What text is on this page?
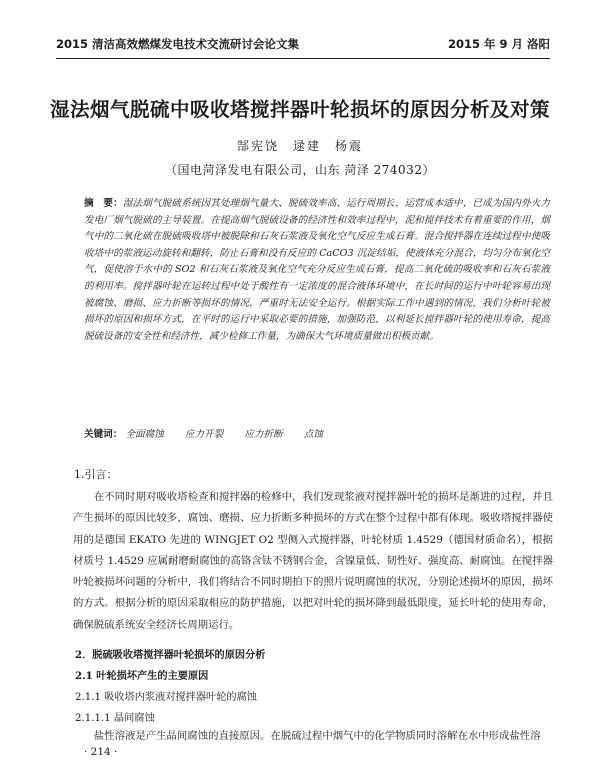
2015 清洁高效燃煤发电技术交流研讨会论文集	2015 年 9 月 洛阳
湿法烟气脱硫中吸收塔搅拌器叶轮损坏的原因分析及对策
郜宪饶　逯建　杨震
（国电菏泽发电有限公司，山东 菏泽 274032）
摘　要：湿法烟气脱硫系统因其处理烟气量大、脱硫效率高、运行周期长、运营成本适中，已成为国内外火力发电厂烟气脱硫的主导装置。在提高烟气脱硫设备的经济性和效率过程中，泥和搅拌技术有着重要的作用，烟气中的二氧化硫在脱硫吸收塔中被脱除和石灰石浆液及氧化空气反应生成石膏。混合搅拌器在连续过程中使吸收塔中的浆液运动旋转和翻转，防止石膏和没有反应的 CaCO3 沉淀结垢，使液体充分混合，均匀分布氧化空气，促使溶于水中的 SO2 和石灰石浆液及氧化空气充分反应生成石膏，提高二氧化硫的吸收率和石灰石浆液的利用率。搅拌器叶轮在运转过程中处于酸性有一定浓度的混合液体环境中，在长时间的运行中叶轮容易出现被腐蚀、磨损、应力折断等损坏的情况，严重时无法安全运行。根据实际工作中遇到的情况，我们分析叶轮被损坏的原因和损坏方式，在平时的运行中采取必要的措施，加强防范，以利延长搅拌器叶轮的使用寿命，提高脱硫设备的安全性和经济性，减少检修工作量，为确保大气环境质量做出积极贡献。
关键词： 全面腐蚀 应力开裂 应力折断 点蚀
1.引言：

在不同时期对吸收塔检查和搅拌器的检修中，我们发现浆液对搅拌器叶轮的损坏是渐进的过程，并且产生损坏的原因比较多，腐蚀、磨损、应力折断多种损坏的方式在整个过程中都有体现。吸收塔搅拌器使用的是德国 EKATO 先进的 WINGJET O2 型侧入式搅拌器，叶轮材质 1.4529（德国材质命名），根据材质号 1.4529 应属耐磨耐腐蚀的高铬含钛不锈钢合金，含镍量低、韧性好、强度高、耐腐蚀。在搅拌器叶轮被损坏问题的分析中，我们将结合不同时期拍下的照片说明腐蚀的状况，分别论述损坏的原因，损坏的方式。根据分析的原因采取相应的防护措施，以把对叶轮的损坏降到最低限度，延长叶轮的使用寿命，确保脱硫系统安全经济长周期运行。

2．脱硫吸收塔搅拌器叶轮损坏的原因分析
2.1 叶轮损坏产生的主要原因
2.1.1 吸收塔内浆液对搅拌器叶轮的腐蚀
2.1.1.1 晶间腐蚀

盐性溶液是产生晶间腐蚀的直接原因。在脱硫过程中烟气中的化学物质同时溶解在水中形成盐性溶

· 214 ·
